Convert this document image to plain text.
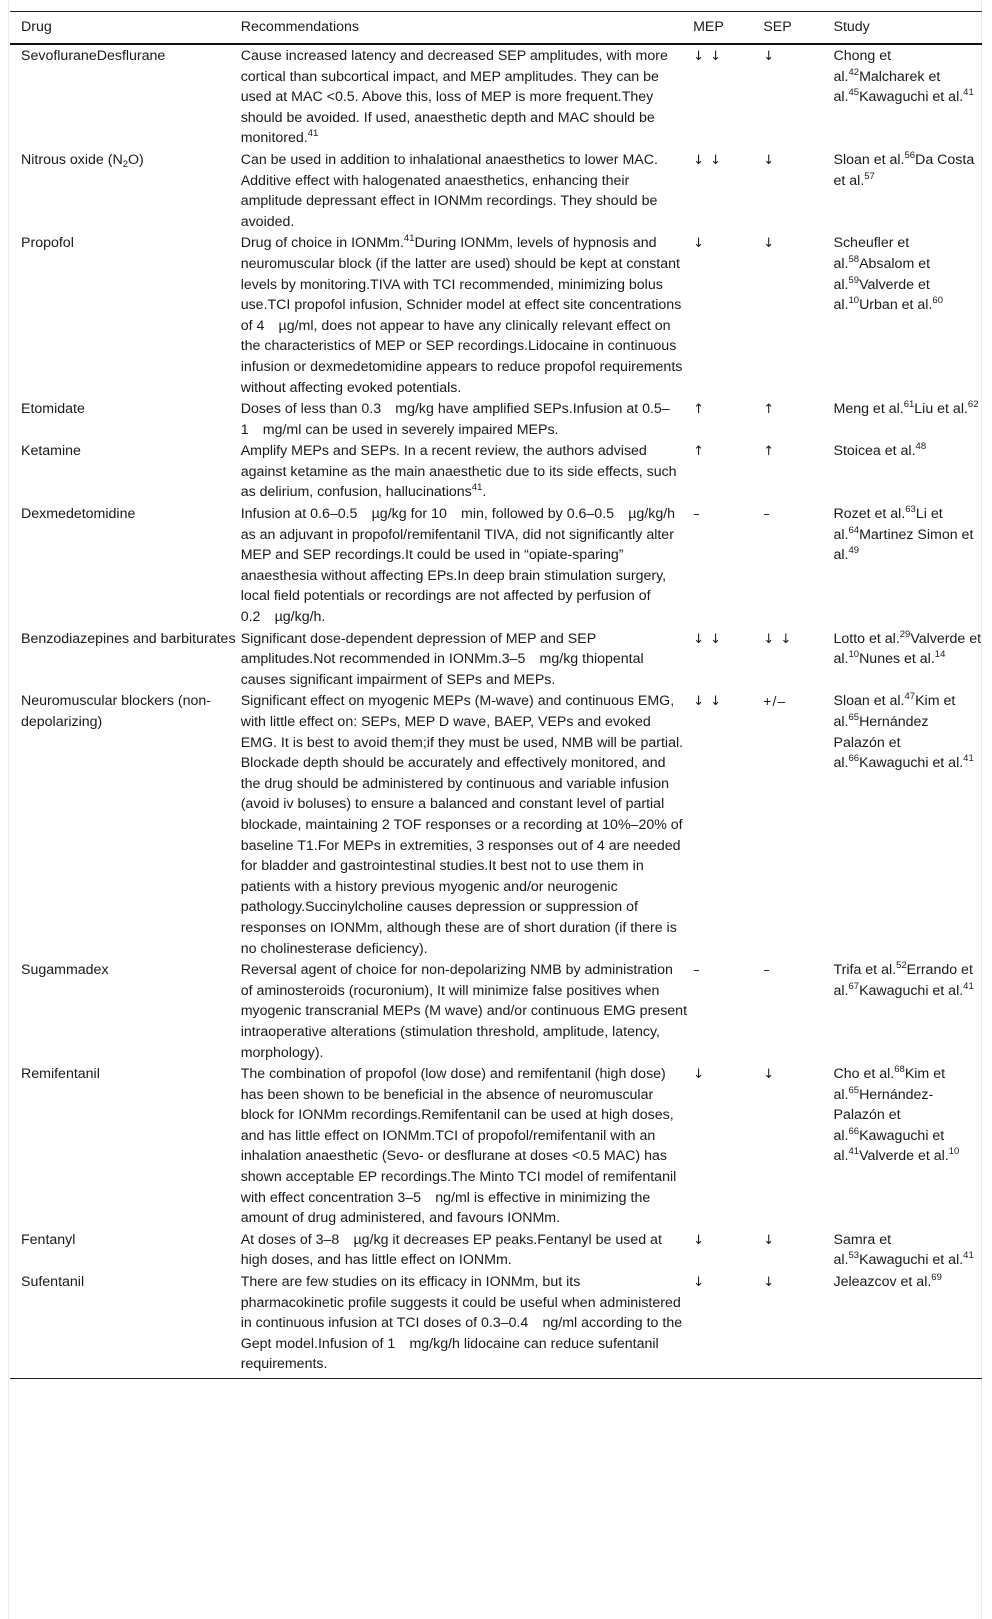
Drug	Recommendations	MEP	SEP	Study
SevofluraneDesflurane	Cause increased latency and decreased SEP amplitudes, with more cortical than subcortical impact, and MEP amplitudes. They can be used at MAC <0.5. Above this, loss of MEP is more frequent.They should be avoided. If used, anaesthetic depth and MAC should be monitored.$^{41}$	↓ ↓	↓	Chong et al.$^{42}$Malcharek et al.$^{45}$Kawaguchi et al.$^{41}$
Nitrous oxide $(N_2O)$	Can be used in addition to inhalational anaesthetics to lower MAC. Additive effect with halogenated anaesthetics, enhancing their amplitude depressant effect in IONMm recordings. They should be avoided.	↓ ↓	↓	Sloan et al.$^{56}$Da Costa et al.$^{57}$
Propofol	Drug of choice in IONMm.$^{41}$During IONMm, levels of hypnosis and neuromuscular block (if the latter are used) should be kept at constant levels by monitoring.TIVA with TCI recommended, minimizing bolus use.TCI propofol infusion, Schnider model at effect site concentrations of 4 µg/ml, does not appear to have any clinically relevant effect on the characteristics of MEP or SEP recordings.Lidocaine in continuous infusion or dexmedetomidine appears to reduce propofol requirements without affecting evoked potentials.	↓	↓	Scheufler et al.$^{58}$Absalom et al.$^{59}$Valverde et al.$^{10}$Urban et al.$^{60}$
Etomidate	Doses of less than 0.3 mg/kg have amplified SEPs.Infusion at 0.5–1 mg/ml can be used in severely impaired MEPs.	↑	↑	Meng et al.$^{61}$Liu et al.$^{62}$
Ketamine	Amplify MEPs and SEPs. In a recent review, the authors advised against ketamine as the main anaesthetic due to its side effects, such as delirium, confusion, hallucinations$^{41}$.	↑	↑	Stoicea et al.$^{48}$
Dexmedetomidine	Infusion at 0.6–0.5 µg/kg for 10 min, followed by 0.6–0.5 µg/kg/h as an adjuvant in propofol/remifentanil TIVA, did not significantly alter MEP and SEP recordings.It could be used in “opiate-sparing” anaesthesia without affecting EPs.In deep brain stimulation surgery, local field potentials or recordings are not affected by perfusion of 0.2 µg/kg/h.	–	–	Rozet et al.$^{63}$Li et al.$^{64}$Martinez Simon et al.$^{49}$
Benzodiazepines and barbiturates	Significant dose-dependent depression of MEP and SEP amplitudes.Not recommended in IONMm.3–5 mg/kg thiopental causes significant impairment of SEPs and MEPs.	↓ ↓	↓ ↓	Lotto et al.$^{29}$Valverde et al.$^{10}$Nunes et al.$^{14}$
Neuromuscular blockers (non-depolarizing)	Significant effect on myogenic MEPs (M-wave) and continuous EMG, with little effect on: SEPs, MEP D wave, BAEP, VEPs and evoked EMG. It is best to avoid them;if they must be used, NMB will be partial. Blockade depth should be accurately and effectively monitored, and the drug should be administered by continuous and variable infusion (avoid iv boluses) to ensure a balanced and constant level of partial blockade, maintaining 2 TOF responses or a recording at 10%–20% of baseline T1.For MEPs in extremities, 3 responses out of 4 are needed for bladder and gastrointestinal studies.It best not to use them in patients with a history previous myogenic and/or neurogenic pathology.Succinylcholine causes depression or suppression of responses on IONMm, although these are of short duration (if there is no cholinesterase deficiency).	↓ ↓	+/–	Sloan et al.$^{47}$Kim et al.$^{65}$Hernández Palazón et al.$^{66}$Kawaguchi et al.$^{41}$
Sugammadex	Reversal agent of choice for non-depolarizing NMB by administration of aminosteroids (rocuronium), It will minimize false positives when myogenic transcranial MEPs (M wave) and/or continuous EMG present intraoperative alterations (stimulation threshold, amplitude, latency, morphology).	–	–	Trifa et al.$^{52}$Errando et al.$^{67}$Kawaguchi et al.$^{41}$
Remifentanil	The combination of propofol (low dose) and remifentanil (high dose) has been shown to be beneficial in the absence of neuromuscular block for IONMm recordings.Remifentanil can be used at high doses, and has little effect on IONMm.TCI of propofol/remifentanil with an inhalation anaesthetic (Sevo- or desflurane at doses <0.5 MAC) has shown acceptable EP recordings.The Minto TCI model of remifentanil with effect concentration 3–5 ng/ml is effective in minimizing the amount of drug administered, and favours IONMm.	↓	↓	Cho et al.$^{68}$Kim et al.$^{65}$Hernández-Palazón et al.$^{66}$Kawaguchi et al.$^{41}$Valverde et al.$^{10}$
Fentanyl	At doses of 3–8 µg/kg it decreases EP peaks.Fentanyl be used at high doses, and has little effect on IONMm.	↓	↓	Samra et al.$^{53}$Kawaguchi et al.$^{41}$
Sufentanil	There are few studies on its efficacy in IONMm, but its pharmacokinetic profile suggests it could be useful when administered in continuous infusion at TCI doses of 0.3–0.4 ng/ml according to the Gept model.Infusion of 1 mg/kg/h lidocaine can reduce sufentanil requirements.	↓	↓	Jeleazcov et al.$^{69}$
